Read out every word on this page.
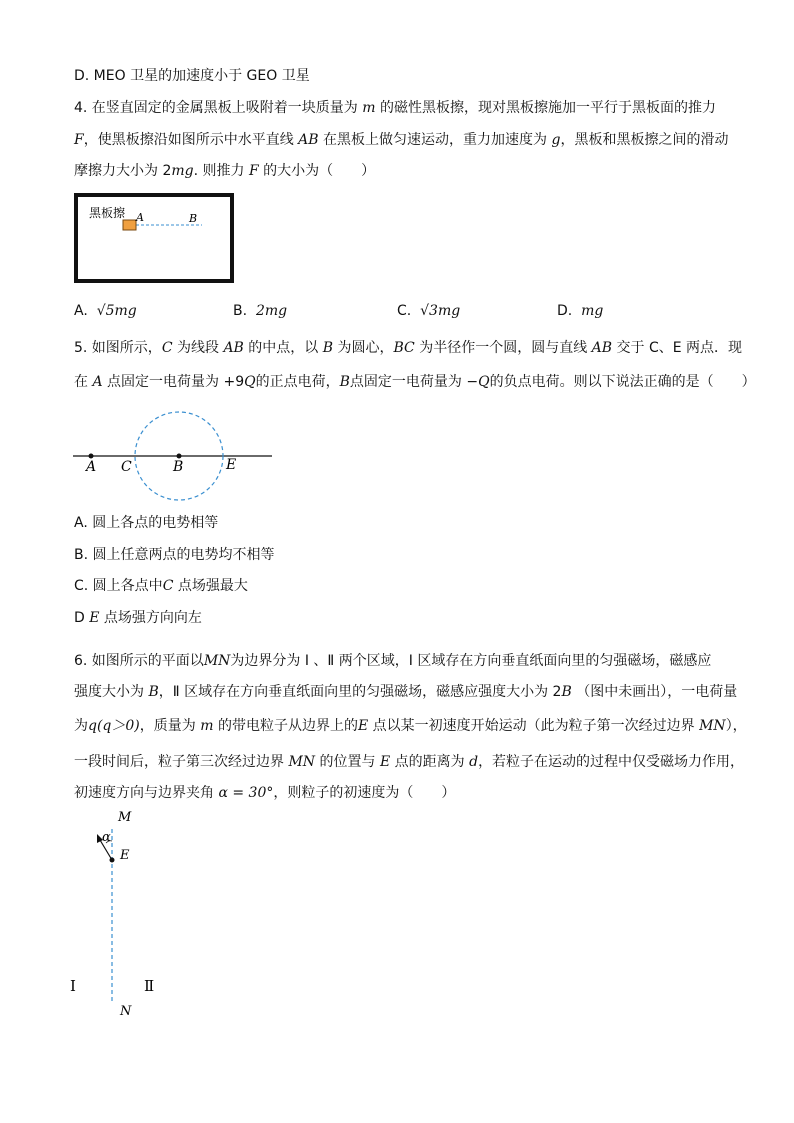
D. MEO 卫星的加速度小于 GEO 卫星
4. 在竖直固定的金属黑板上吸附着一块质量为 m 的磁性黑板擦，现对黑板擦施加一平行于黑板面的推力
F，使黑板擦沿如图所示中水平直线 AB 在黑板上做匀速运动，重力加速度为 g，黑板和黑板擦之间的滑动
摩擦力大小为 2mg. 则推力 F 的大小为（　　）
黑板擦 A	B
A. √5mg	B. 2mg	C. √3mg	D. mg
5. 如图所示，C 为线段 AB 的中点，以 B 为圆心，BC 为半径作一个圆，圆与直线 AB 交于 C、E 两点．现
在 A 点固定一电荷量为 +9Q的正点电荷，B点固定一电荷量为 −Q的负点电荷。则以下说法正确的是（　　）
A C	B	E
A. 圆上各点的电势相等
B. 圆上任意两点的电势均不相等
C. 圆上各点中C 点场强最大
D E 点场强方向向左
6. 如图所示的平面以MN为边界分为 Ⅰ 、Ⅱ 两个区域，Ⅰ 区域存在方向垂直纸面向里的匀强磁场，磁感应
强度大小为 B，Ⅱ 区域存在方向垂直纸面向里的匀强磁场，磁感应强度大小为 2B （图中未画出），一电荷量
为q(q＞0)，质量为 m 的带电粒子从边界上的E 点以某一初速度开始运动（此为粒子第一次经过边界 MN），
一段时间后，粒子第三次经过边界 MN 的位置与 E 点的距离为 d，若粒子在运动的过程中仅受磁场力作用，
初速度方向与边界夹角 α = 30°，则粒子的初速度为（　　）
M
α
E
Ⅰ	Ⅱ
N
